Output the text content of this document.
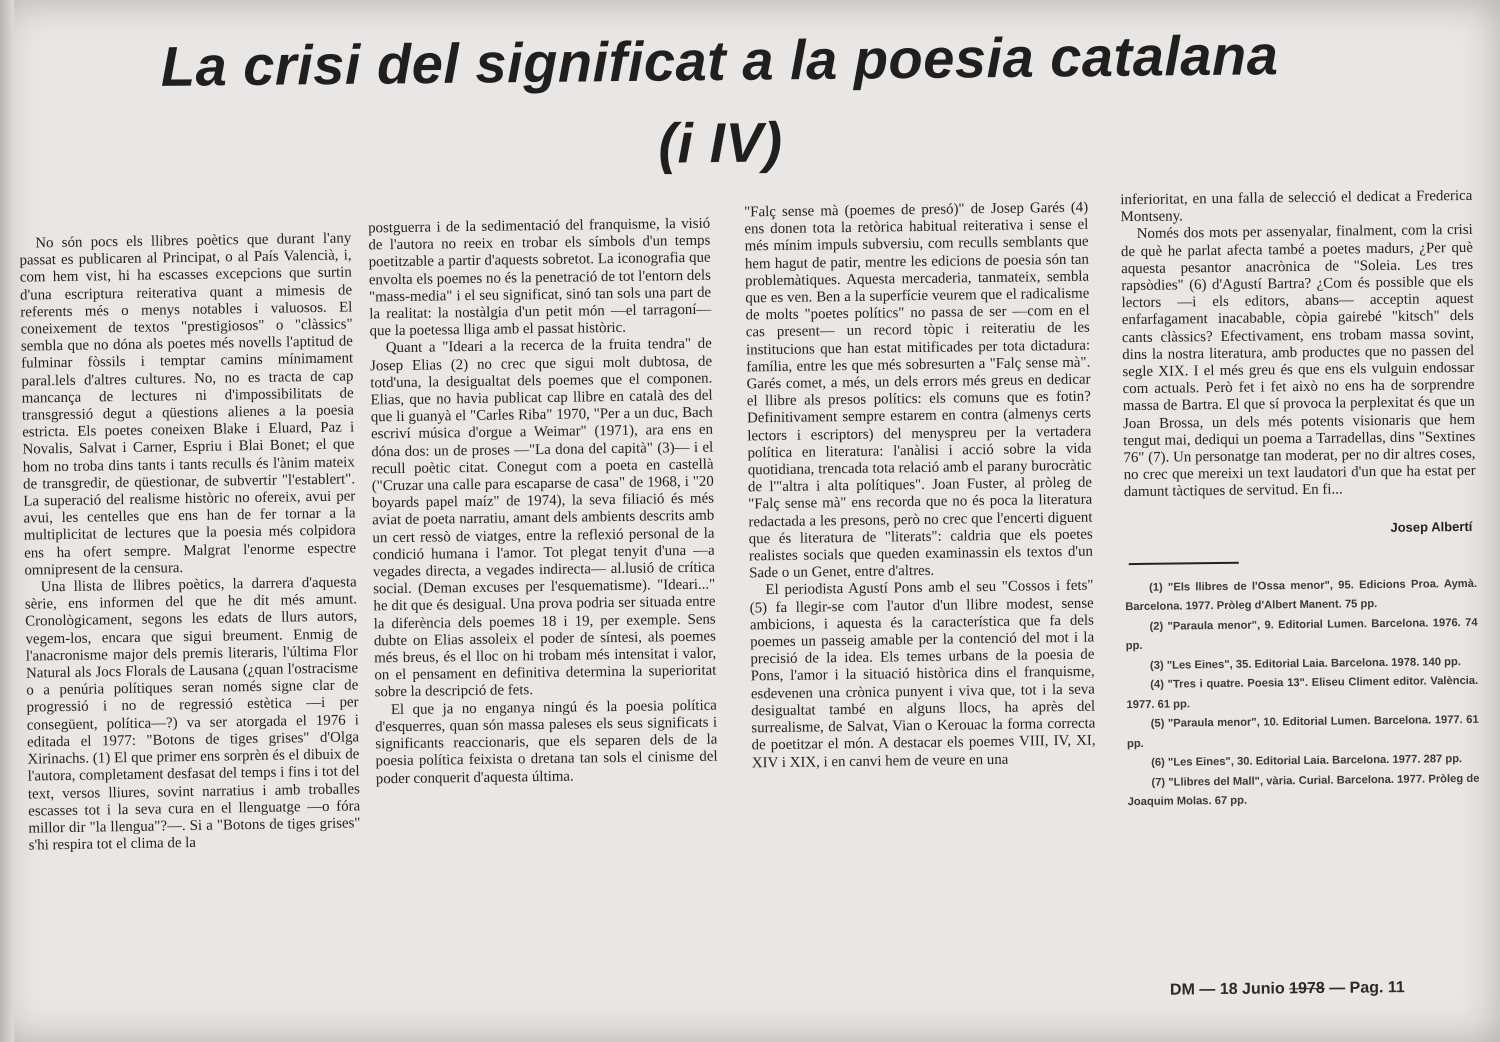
La crisi del significat a la poesia catalana (i IV)

No són pocs els llibres poètics que durant l'any passat es publicaren al Principat, o al País Valencià, i, com hem vist, hi ha escasses excepcions que surtin d'una escriptura reiterativa quant a mimesis de referents més o menys notables i valuosos. El coneixement de textos "prestigiosos" o "clàssics" sembla que no dóna als poetes més novells l'aptitud de fulminar fòssils i temptar camins mínimament paral.lels d'altres cultures. No, no es tracta de cap mancança de lectures ni d'impossibilitats de transgressió degut a qüestions alienes a la poesia estricta. Els poetes coneixen Blake i Eluard, Paz i Novalis, Salvat i Carner, Espriu i Blai Bonet; el que hom no troba dins tants i tants reculls és l'ànim mateix de transgredir, de qüestionar, de subvertir "l'establert". La superació del realisme històric no ofereix, avui per avui, les centelles que ens han de fer tornar a la multiplicitat de lectures que la poesia més colpidora ens ha ofert sempre. Malgrat l'enorme espectre omnipresent de la censura.

Una llista de llibres poètics, la darrera d'aquesta sèrie, ens informen del que he dit més amunt. Cronològicament, segons les edats de llurs autors, vegem-los, encara que sigui breument. Enmig de l'anacronisme major dels premis literaris, l'última Flor Natural als Jocs Florals de Lausana (¿quan l'ostracisme o a penúria polítiques seran només signe clar de progressió i no de regressió estètica —i per consegüent, política—?) va ser atorgada el 1976 i editada el 1977: "Botons de tiges grises" d'Olga Xirinachs. (1) El que primer ens sorprèn és el dibuix de l'autora, completament desfasat del temps i fins i tot del text, versos lliures, sovint narratius i amb troballes escasses tot i la seva cura en el llenguatge —o fóra millor dir "la llengua"?—. Si a "Botons de tiges grises" s'hi respira tot el clima de la

postguerra i de la sedimentació del franquisme, la visió de l'autora no reeix en trobar els símbols d'un temps poetitzable a partir d'aquests sobretot. La iconografia que envolta els poemes no és la penetració de tot l'entorn dels "mass-media" i el seu significat, sinó tan sols una part de la realitat: la nostàlgia d'un petit món —el tarragoní— que la poetessa lliga amb el passat històric.

Quant a "Ideari a la recerca de la fruita tendra" de Josep Elias (2) no crec que sigui molt dubtosa, de totd'una, la desigualtat dels poemes que el componen. Elias, que no havia publicat cap llibre en català des del que li guanyà el "Carles Riba" 1970, "Per a un duc, Bach escriví música d'orgue a Weimar" (1971), ara ens en dóna dos: un de proses —"La dona del capità" (3)— i el recull poètic citat. Conegut com a poeta en castellà ("Cruzar una calle para escaparse de casa" de 1968, i "20 boyards papel maíz" de 1974), la seva filiació és més aviat de poeta narratiu, amant dels ambients descrits amb un cert ressò de viatges, entre la reflexió personal de la condició humana i l'amor. Tot plegat tenyit d'una —a vegades directa, a vegades indirecta— al.lusió de crítica social. (Deman excuses per l'esquematisme). "Ideari..." he dit que és desigual. Una prova podria ser situada entre la diferència dels poemes 18 i 19, per exemple. Sens dubte on Elias assoleix el poder de síntesi, als poemes més breus, és el lloc on hi trobam més intensitat i valor, on el pensament en definitiva determina la superioritat sobre la descripció de fets.

El que ja no enganya ningú és la poesia política d'esquerres, quan són massa paleses els seus significats i significants reaccionaris, que els separen dels de la poesia política feixista o dretana tan sols el cinisme del poder conquerit d'aquesta última.

"Falç sense mà (poemes de presó)" de Josep Garés (4) ens donen tota la retòrica habitual reiterativa i sense el més mínim impuls subversiu, com reculls semblants que hem hagut de patir, mentre les edicions de poesia són tan problemàtiques. Aquesta mercaderia, tanmateix, sembla que es ven. Ben a la superfície veurem que el radicalisme de molts "poetes polítics" no passa de ser —com en el cas present— un record tòpic i reiteratiu de les institucions que han estat mitificades per tota dictadura: família, entre les que més sobresurten a "Falç sense mà". Garés comet, a més, un dels errors més greus en dedicar el llibre als presos polítics: els comuns que es fotin? Definitivament sempre estarem en contra (almenys certs lectors i escriptors) del menyspreu per la vertadera política en literatura: l'anàlisi i acció sobre la vida quotidiana, trencada tota relació amb el parany burocràtic de l'"altra i alta polítiques". Joan Fuster, al pròleg de "Falç sense mà" ens recorda que no és poca la literatura redactada a les presons, però no crec que l'encerti diguent que és literatura de "literats": caldria que els poetes realistes socials que queden examinassin els textos d'un Sade o un Genet, entre d'altres.

El periodista Agustí Pons amb el seu "Cossos i fets" (5) fa llegir-se com l'autor d'un llibre modest, sense ambicions, i aquesta és la característica que fa dels poemes un passeig amable per la contenció del mot i la precisió de la idea. Els temes urbans de la poesia de Pons, l'amor i la situació històrica dins el franquisme, esdevenen una crònica punyent i viva que, tot i la seva desigualtat també en alguns llocs, ha après del surrealisme, de Salvat, Vian o Kerouac la forma correcta de poetitzar el món. A destacar els poemes VIII, IV, XI, XIV i XIX, i en canvi hem de veure en una

inferioritat, en una falla de selecció el dedicat a Frederica Montseny.

Només dos mots per assenyalar, finalment, com la crisi de què he parlat afecta també a poetes madurs, ¿Per què aquesta pesantor anacrònica de "Soleia. Les tres rapsòdies" (6) d'Agustí Bartra? ¿Com és possible que els lectors —i els editors, abans— acceptin aquest enfarfagament inacabable, còpia gairebé "kitsch" dels cants clàssics? Efectivament, ens trobam massa sovint, dins la nostra literatura, amb productes que no passen del segle XIX. I el més greu és que ens els vulguin endossar com actuals. Però fet i fet això no ens ha de sorprendre massa de Bartra. El que sí provoca la perplexitat és que un Joan Brossa, un dels més potents visionaris que hem tengut mai, dediqui un poema a Tarradellas, dins "Sextines 76" (7). Un personatge tan moderat, per no dir altres coses, no crec que mereixi un text laudatori d'un que ha estat per damunt tàctiques de servitud. En fi...

Josep Albertí
(1) "Els llibres de l'Ossa menor", 95. Edicions Proa. Aymà. Barcelona. 1977. Pròleg d'Albert Manent. 75 pp.
(2) "Paraula menor", 9. Editorial Lumen. Barcelona. 1976. 74 pp.
(3) "Les Eines", 35. Editorial Laia. Barcelona. 1978. 140 pp.
(4) "Tres i quatre. Poesia 13". Eliseu Climent editor. València. 1977. 61 pp.
(5) "Paraula menor", 10. Editorial Lumen. Barcelona. 1977. 61 pp.
(6) "Les Eines", 30. Editorial Laia. Barcelona. 1977. 287 pp.
(7) "Llibres del Mall", vària. Curial. Barcelona. 1977. Pròleg de Joaquim Molas. 67 pp.
DM — 18 Junio 1978 — Pag. 11
